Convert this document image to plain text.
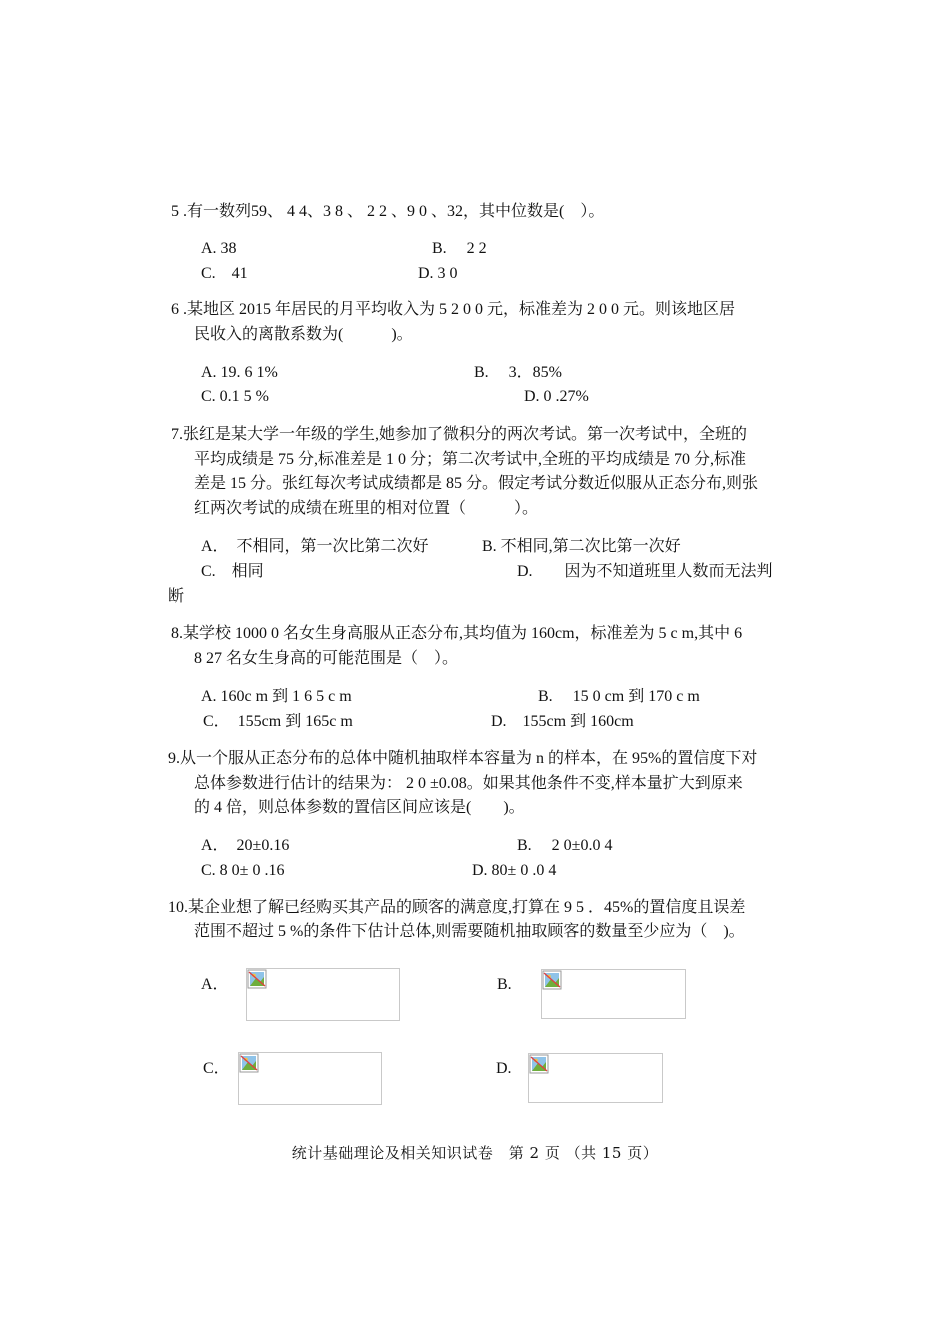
5 .有一数列59、 4 4、3 8 、 2 2 、9 0 、32，其中位数是(　）。
A. 38	B.　 2 2
C.　41	D. 3 0
6 .某地区 2015 年居民的月平均收入为 5 2 0 0 元，标准差为 2 0 0 元。则该地区居
民收入的离散系数为(　　　)。
A. 19. 6 1%	B.　 3．85%
C. 0.1 5 %	D. 0 .27%
7.张红是某大学一年级的学生,她参加了微积分的两次考试。第一次考试中，全班的
平均成绩是 75 分,标准差是 1 0 分；第二次考试中,全班的平均成绩是 70 分,标准
差是 15 分。张红每次考试成绩都是 85 分。假定考试分数近似服从正态分布,则张
红两次考试的成绩在班里的相对位置（　　　）。
A．　不相同，第一次比第二次好	B. 不相同,第二次比第一次好
C.　相同	D.　　因为不知道班里人数而无法判
断
8.某学校 1000 0 名女生身高服从正态分布,其均值为 160cm，标准差为 5 c m,其中 6
8 27 名女生身高的可能范围是（　）。
A. 160c m 到 1 6 5 c m	B.　 15 0 cm 到 170 c m
C．　155cm 到 165c m	D.　155cm 到 160cm
9.从一个服从正态分布的总体中随机抽取样本容量为 n 的样本，在 95%的置信度下对
总体参数进行估计的结果为： 2 0 ±0.08。如果其他条件不变,样本量扩大到原来
的 4 倍，则总体参数的置信区间应该是(　　)。
A．　20±0.16	B.　 2 0±0.0 4
C. 8 0± 0 .16	D. 80± 0 .0 4
10.某企业想了解已经购买其产品的顾客的满意度,打算在 9 5 ．45%的置信度且误差
范围不超过 5 %的条件下估计总体,则需要随机抽取顾客的数量至少应为（　)。
A．	B.
C．	D.
统计基础理论及相关知识试卷　第 2 页 （共 15 页）
